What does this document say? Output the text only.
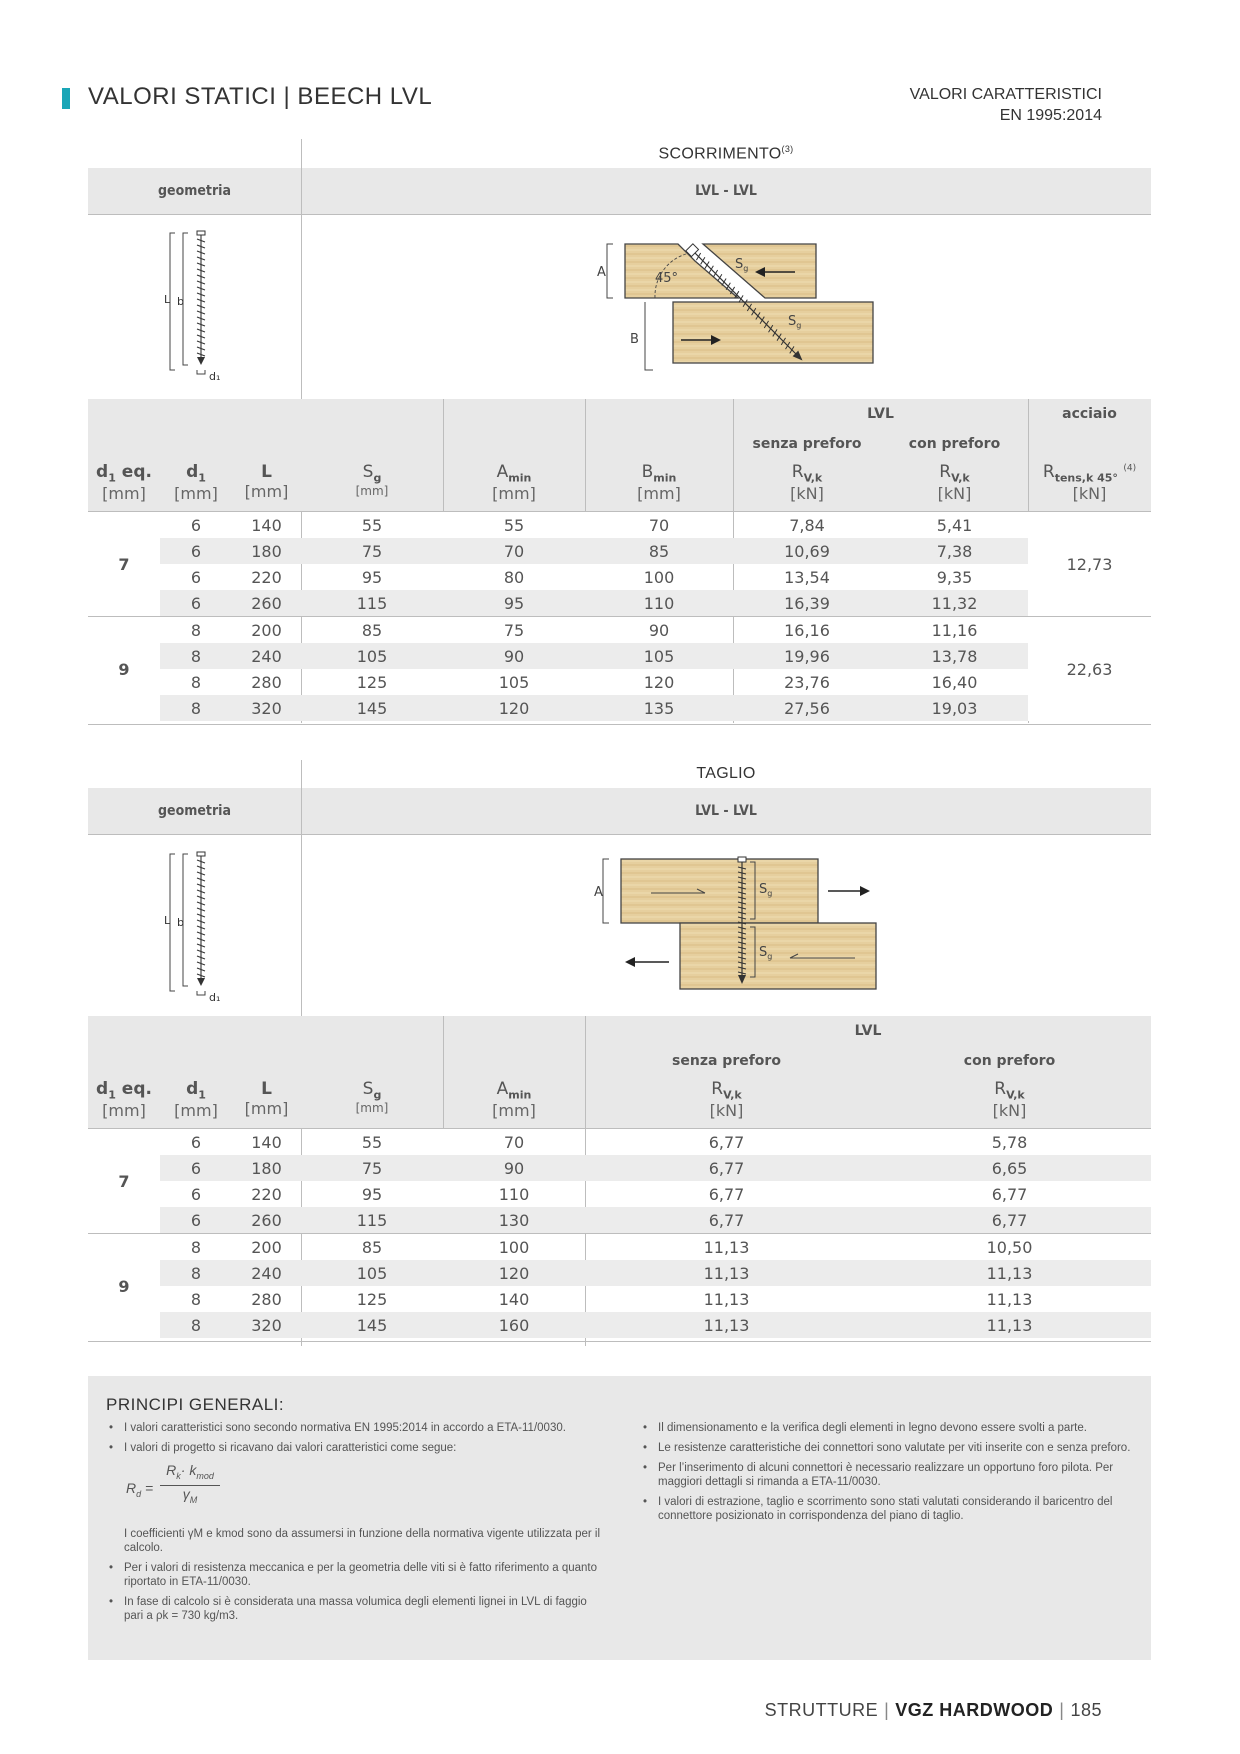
VALORI STATICI | BEECH LVL	VALORI CARATTERISTICI
EN 1995:2014
SCORRIMENTO$^{(3)}$
geometria	LVL - LVL
L b
d₁
45°
A
B
$S_g$
$S_g$
LVL	acciaio
senza preforo	con preforo
$d_1$ eq.
[mm]
$d_1$
[mm]
L
[mm]
$S_g$
[mm]
$A_{min}$
[mm]
$B_{min}$
[mm]
$R_{V,k}$
[kN]
$R_{V,k}$
[kN]
$R_{tens,k 45^\circ}$ $^{(4)}$
[kN]
7	6	140	55	55	70	7,84	5,41	12,73
	6	180	75	70	85	10,69	7,38	
	6	220	95	80	100	13,54	9,35	
	6	260	115	95	110	16,39	11,32	
9	8	200	85	75	90	16,16	11,16	22,63
	8	240	105	90	105	19,96	13,78	
	8	280	125	105	120	23,76	16,40	
	8	320	145	120	135	27,56	19,03	
TAGLIO
geometria	LVL - LVL
L b
d₁
A	$S_g$
$S_g$
LVL
senza preforo	con preforo
$d_1$ eq.
[mm]
$d_1$
[mm]
L
[mm]
$S_g$
[mm]
$A_{min}$
[mm]
$R_{V,k}$
[kN]
$R_{V,k}$
[kN]
7	6	140	55	70	6,77	5,78
	6	180	75	90	6,77	6,65
	6	220	95	110	6,77	6,77
	6	260	115	130	6,77	6,77
9	8	200	85	100	11,13	10,50
	8	240	105	120	11,13	11,13
	8	280	125	140	11,13	11,13
	8	320	145	160	11,13	11,13
PRINCIPI GENERALI:
• I valori caratteristici sono secondo normativa EN 1995:2014 in accordo a ETA-11/0030.
• I valori di progetto si ricavano dai valori caratteristici come segue:
$R_d$ =
$R_k\cdot k_{mod}$
$\gamma_M$
I coefficienti γM e kmod sono da assumersi in funzione della normativa vigente utilizzata per il calcolo.
• Per i valori di resistenza meccanica e per la geometria delle viti si è fatto riferimento a quanto riportato in ETA-11/0030.
• In fase di calcolo si è considerata una massa volumica degli elementi lignei in LVL di faggio pari a ρk = 730 kg/m3.
• Il dimensionamento e la verifica degli elementi in legno devono essere svolti a parte.
• Le resistenze caratteristiche dei connettori sono valutate per viti inserite con e senza preforo.
• Per l’inserimento di alcuni connettori è necessario realizzare un opportuno foro pilota. Per maggiori dettagli si rimanda a ETA-11/0030.
• I valori di estrazione, taglio e scorrimento sono stati valutati considerando il baricentro del connettore posizionato in corrispondenza del piano di taglio.
STRUTTURE | VGZ HARDWOOD | 185
